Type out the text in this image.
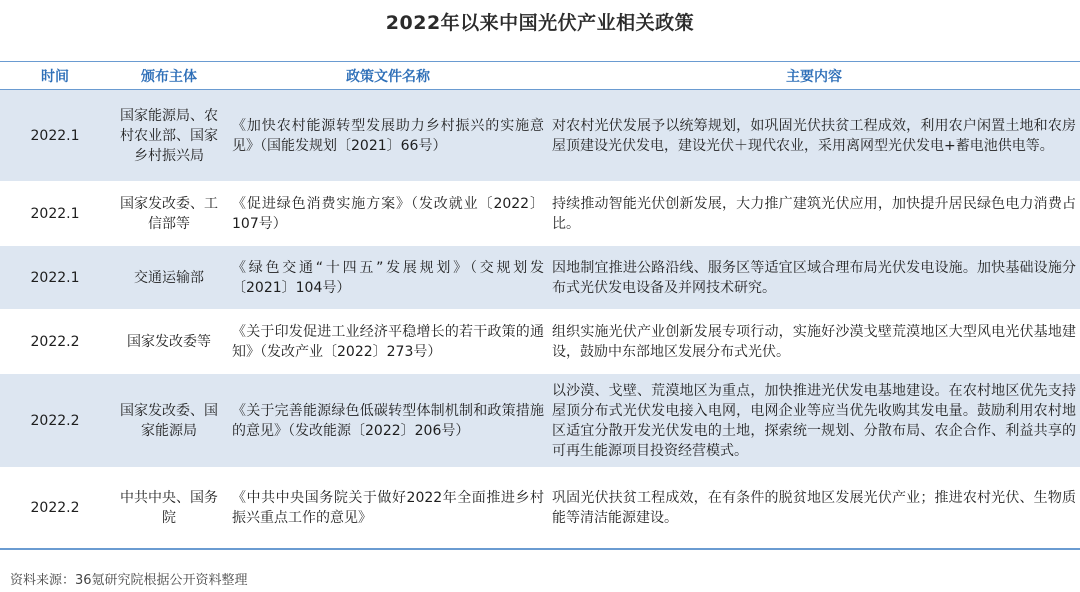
2022年以来中国光伏产业相关政策
时间	颁布主体	政策文件名称	主要内容
2022.1	国家能源局、农村农业部、国家乡村振兴局	《加快农村能源转型发展助力乡村振兴的实施意见》（国能发规划〔2021〕66号）	对农村光伏发展予以统筹规划，如巩固光伏扶贫工程成效，利用农户闲置土地和农房屋顶建设光伏发电，建设光伏＋现代农业，采用离网型光伏发电+蓄电池供电等。
2022.1	国家发改委、工信部等	《促进绿色消费实施方案》（发改就业〔2022〕107号）	持续推动智能光伏创新发展，大力推广建筑光伏应用，加快提升居民绿色电力消费占比。
2022.1	交通运输部	《绿色交通“十四五”发展规划》（交规划发〔2021〕104号）	因地制宜推进公路沿线、服务区等适宜区域合理布局光伏发电设施。加快基础设施分布式光伏发电设备及并网技术研究。
2022.2	国家发改委等	《关于印发促进工业经济平稳增长的若干政策的通知》（发改产业〔2022〕273号）	组织实施光伏产业创新发展专项行动，实施好沙漠戈壁荒漠地区大型风电光伏基地建设，鼓励中东部地区发展分布式光伏。
2022.2	国家发改委、国家能源局	《关于完善能源绿色低碳转型体制机制和政策措施的意见》（发改能源〔2022〕206号）	以沙漠、戈壁、荒漠地区为重点，加快推进光伏发电基地建设。在农村地区优先支持屋顶分布式光伏发电接入电网，电网企业等应当优先收购其发电量。鼓励利用农村地区适宜分散开发光伏发电的土地，探索统一规划、分散布局、农企合作、利益共享的可再生能源项目投资经营模式。
2022.2	中共中央、国务院	《中共中央国务院关于做好2022年全面推进乡村振兴重点工作的意见》	巩固光伏扶贫工程成效，在有条件的脱贫地区发展光伏产业；推进农村光伏、生物质能等清洁能源建设。
资料来源：36氪研究院根据公开资料整理
